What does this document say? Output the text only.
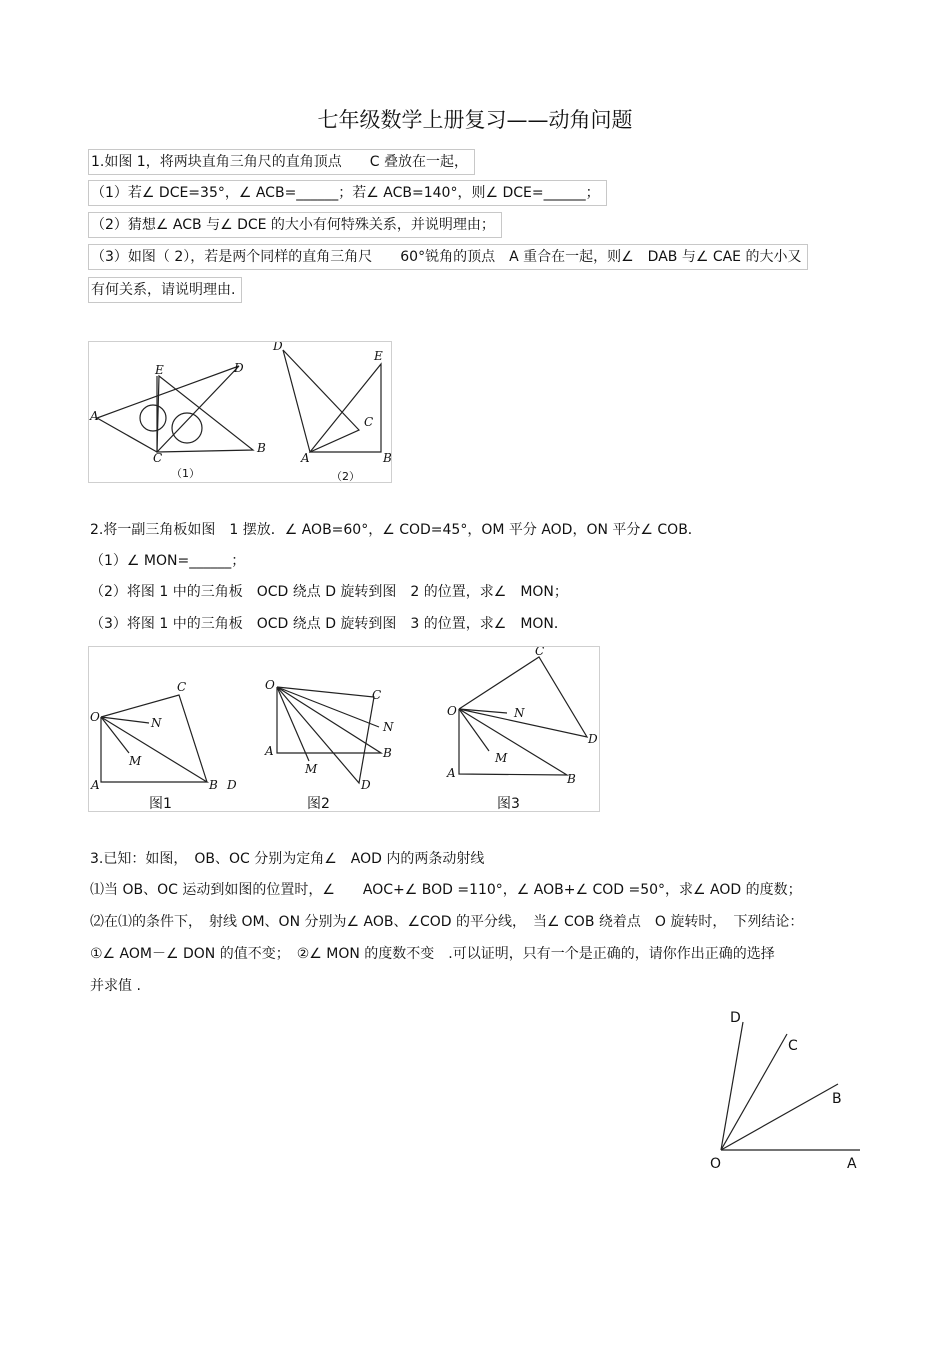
七年级数学上册复习——动角问题
1.如图 1，将两块直角三角尺的直角顶点　　C 叠放在一起，
（1）若∠ DCE=35°，∠ ACB=______；若∠ ACB=140°，则∠ DCE=______；
（2）猜想∠ ACB 与∠ DCE 的大小有何特殊关系，并说明理由；
（3）如图（ 2），若是两个同样的直角三角尺　　60°锐角的顶点　A 重合在一起，则∠　DAB 与∠ CAE 的大小又
有何关系，请说明理由.
A
B
C
D
E
（1）
A	B
C
D
E
（2）
2.将一副三角板如图　1 摆放．∠ AOB=60°，∠ COD=45°，OM 平分 AOD，ON 平分∠ COB．
（1）∠ MON=______；
（2）将图 1 中的三角板　OCD 绕点 D 旋转到图　2 的位置，求∠　MON；
（3）将图 1 中的三角板　OCD 绕点 D 旋转到图　3 的位置，求∠　MON．
O
A	B
C
D
M
N
图1
O
A	B
C
D
M
N
图2
O
A	B
C
D
M
N
图3
3.已知：如图，　OB、OC 分别为定角∠　AOD 内的两条动射线
⑴当 OB、OC 运动到如图的位置时，∠　　AOC+∠ BOD =110°，∠ AOB+∠ COD =50°，求∠ AOD 的度数；
⑵在⑴的条件下，　射线 OM、ON 分别为∠ AOB、∠COD 的平分线，　当∠ COB 绕着点　O 旋转时，　下列结论：
①∠ AOM－∠ DON 的值不变；　②∠ MON 的度数不变　.可以证明，只有一个是正确的，请你作出正确的选择
并求值 .
O	A
B
C
D
